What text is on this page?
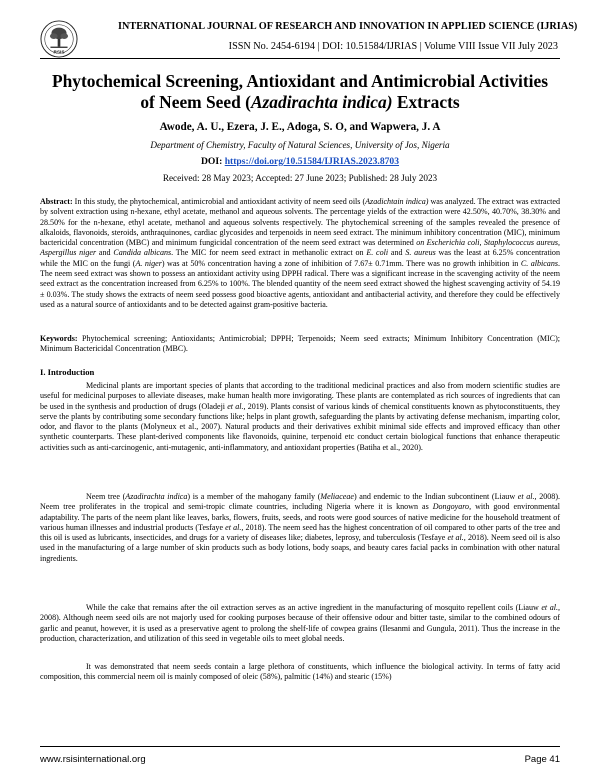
RSIS
INTERNATIONAL JOURNAL OF RESEARCH AND INNOVATION IN APPLIED SCIENCE (IJRIAS)
ISSN No. 2454-6194 | DOI: 10.51584/IJRIAS | Volume VIII Issue VII July 2023
Phytochemical Screening, Antioxidant and Antimicrobial Activities
of Neem Seed (Azadirachta indica) Extracts
Awode, A. U., Ezera, J. E., Adoga, S. O, and Wapwera, J. A
Department of Chemistry, Faculty of Natural Sciences, University of Jos, Nigeria
DOI: https://doi.org/10.51584/IJRIAS.2023.8703
Received: 28 May 2023; Accepted: 27 June 2023; Published: 28 July 2023
Abstract: In this study, the phytochemical, antimicrobial and antioxidant activity of neem seed oils (Azadichtain indica) was analyzed. The extract was extracted by solvent extraction using n-hexane, ethyl acetate, methanol and aqueous solvents. The percentage yields of the extraction were 42.50%, 40.70%, 38.30% and 28.50% for the n-hexane, ethyl acetate, methanol and aqueous solvents respectively. The phytochemical screening of the samples revealed the presence of alkaloids, flavonoids, steroids, anthraquinones, cardiac glycosides and terpenoids in neem seed extract. The minimum inhibitory concentration (MIC), minimum bactericidal concentration (MBC) and minimum fungicidal concentration of the neem seed extract was determined on Escherichia coli, Staphylococcus aureus, Aspergillus niger and Candida albicans. The MIC for neem seed extract in methanolic extract on E. coli and S. aureus was the least at 6.25% concentration while the MIC on the fungi (A. niger) was at 50% concentration having a zone of inhibition of 7.67± 0.71mm. There was no growth inhibition in C. albicans. The neem seed extract was shown to possess an antioxidant activity using DPPH radical. There was a significant increase in the scavenging activity of the neem seed extract as the concentration increased from 6.25% to 100%. The blended quantity of the neem seed extract showed the highest scavenging activity of 54.19 ± 0.03%. The study shows the extracts of neem seed possess good bioactive agents, antioxidant and antibacterial activity, and therefore they could be effectively used as a natural source of antioxidants and to be detected against gram-positive bacteria.
Keywords: Phytochemical screening; Antioxidants; Antimicrobial; DPPH; Terpenoids; Neem seed extracts; Minimum Inhibitory Concentration (MIC); Minimum Bactericidal Concentration (MBC).
I. Introduction

Medicinal plants are important species of plants that according to the traditional medicinal practices and also from modern scientific studies are useful for medicinal purposes to alleviate diseases, make human health more invigorating. These plants are contemplated as rich sources of ingredients that can be used in the synthesis and production of drugs (Oladeji et al., 2019). Plants consist of various kinds of chemical constituents known as phytoconstituents, they serve the plants by contributing some secondary functions like; helps in plant growth, safeguarding the plants by activating defense mechanism, imparting color, odor, and flavor to the plants (Molyneux et al., 2007). Natural products and their derivatives exhibit minimal side effects and improved efficacy than other synthetic counterparts. These plant-derived components like flavonoids, quinine, terpenoid etc conduct certain biological functions that enhance therapeutic activities such as anti-carcinogenic, anti-mutagenic, anti-inflammatory, and antioxidant properties (Batiha et al., 2020).

Neem tree (Azadirachta indica) is a member of the mahogany family (Meliaceae) and endemic to the Indian subcontinent (Liauw et al., 2008). Neem tree proliferates in the tropical and semi-tropic climate countries, including Nigeria where it is known as Dongoyaro, with good environmental adaptability. The parts of the neem plant like leaves, barks, flowers, fruits, seeds, and roots were good sources of native medicine for the household treatment of various human illnesses and industrial products (Tesfaye et al., 2018). The neem seed has the highest concentration of oil compared to other parts of the tree and this oil is used as lubricants, insecticides, and drugs for a variety of diseases like; diabetes, leprosy, and tuberculosis (Tesfaye et al., 2018). Neem seed oil is also used in the manufacturing of a large number of skin products such as body lotions, body soaps, and beauty cares facial packs in combination with other natural ingredients.

While the cake that remains after the oil extraction serves as an active ingredient in the manufacturing of mosquito repellent coils (Liauw et al., 2008). Although neem seed oils are not majorly used for cooking purposes because of their offensive odour and bitter taste, similar to the combined odours of garlic and peanut, however, it is used as a preservative agent to prolong the shelf-life of cowpea grains (Ilesanmi and Gungula, 2011). Thus the increase in the production, characterization, and utilization of this seed in vegetable oils to meet global needs.

It was demonstrated that neem seeds contain a large plethora of constituents, which influence the biological activity. In terms of fatty acid composition, this commercial neem oil is mainly composed of oleic (58%), palmitic (14%) and stearic (15%)

www.rsisinternational.org	Page 41
